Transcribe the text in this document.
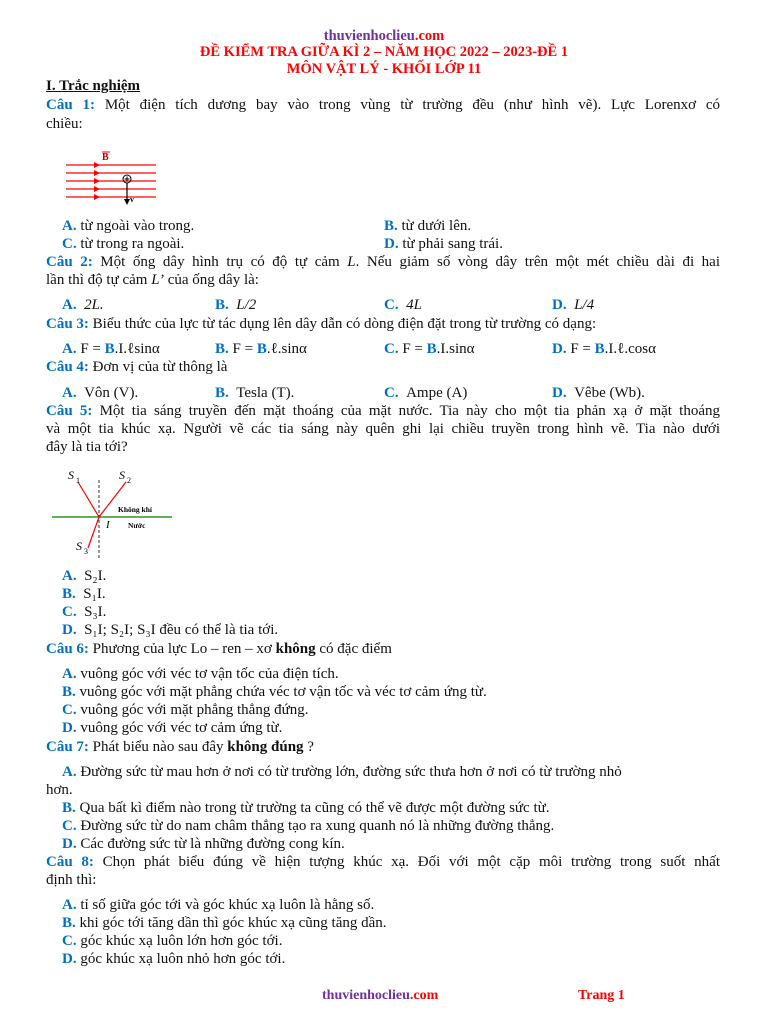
thuvienhoclieu.com
ĐỀ KIỂM TRA GIỮA KÌ 2 – NĂM HỌC 2022 – 2023-ĐỀ 1
MÔN VẬT LÝ - KHỐI LỚP 11
I. Trắc nghiệm
Câu 1: Một điện tích dương bay vào trong vùng từ trường đều (như hình vẽ). Lực Lorenxơ có
chiều:
B
v
A. từ ngoài vào trong.	B. từ dưới lên.
C. từ trong ra ngoài.	D. từ phải sang trái.
Câu 2: Một ống dây hình trụ có độ tự cảm L. Nếu giảm số vòng dây trên một mét chiều dài đi hai
lần thì độ tự cảm L’ của ống dây là:
A. 2L.	B. L/2	C. 4L	D. L/4
Câu 3: Biểu thức của lực từ tác dụng lên dây dẫn có dòng điện đặt trong từ trường có dạng:
A. F = B.I.ℓsinα	B. F = B.ℓ.sinα	C. F = B.I.sinα	D. F = B.I.ℓ.cosα
Câu 4: Đơn vị của từ thông là
A. Vôn (V).	B. Tesla (T).	C. Ampe (A)	D. Vêbe (Wb).
Câu 5: Một tia sáng truyền đến mặt thoáng của mặt nước. Tia này cho một tia phản xạ ở mặt thoáng
và một tia khúc xạ. Người vẽ các tia sáng này quên ghi lại chiều truyền trong hình vẽ. Tia nào dưới
đây là tia tới?
S 1	S 2
S 3
I
Không khí
Nước
A. S₂I.
B. S₁I.
C. S₃I.
D. S₁I; S₂I; S₃I đều có thể là tia tới.
Câu 6: Phương của lực Lo – ren – xơ không có đặc điểm
A. vuông góc với véc tơ vận tốc của điện tích.
B. vuông góc với mặt phẳng chứa véc tơ vận tốc và véc tơ cảm ứng từ.
C. vuông góc với mặt phẳng thẳng đứng.
D. vuông góc với véc tơ cảm ứng từ.
Câu 7: Phát biểu nào sau đây không đúng ?
A. Đường sức từ mau hơn ở nơi có từ trường lớn, đường sức thưa hơn ở nơi có từ trường nhỏ
hơn.
B. Qua bất kì điểm nào trong từ trường ta cũng có thể vẽ được một đường sức từ.
C. Đường sức từ do nam châm thẳng tạo ra xung quanh nó là những đường thẳng.
D. Các đường sức từ là những đường cong kín.
Câu 8: Chọn phát biểu đúng về hiện tượng khúc xạ. Đối với một cặp môi trường trong suốt nhất
định thì:
A. tỉ số giữa góc tới và góc khúc xạ luôn là hằng số.
B. khi góc tới tăng dần thì góc khúc xạ cũng tăng dần.
C. góc khúc xạ luôn lớn hơn góc tới.
D. góc khúc xạ luôn nhỏ hơn góc tới.
thuvienhoclieu.com	Trang 1
